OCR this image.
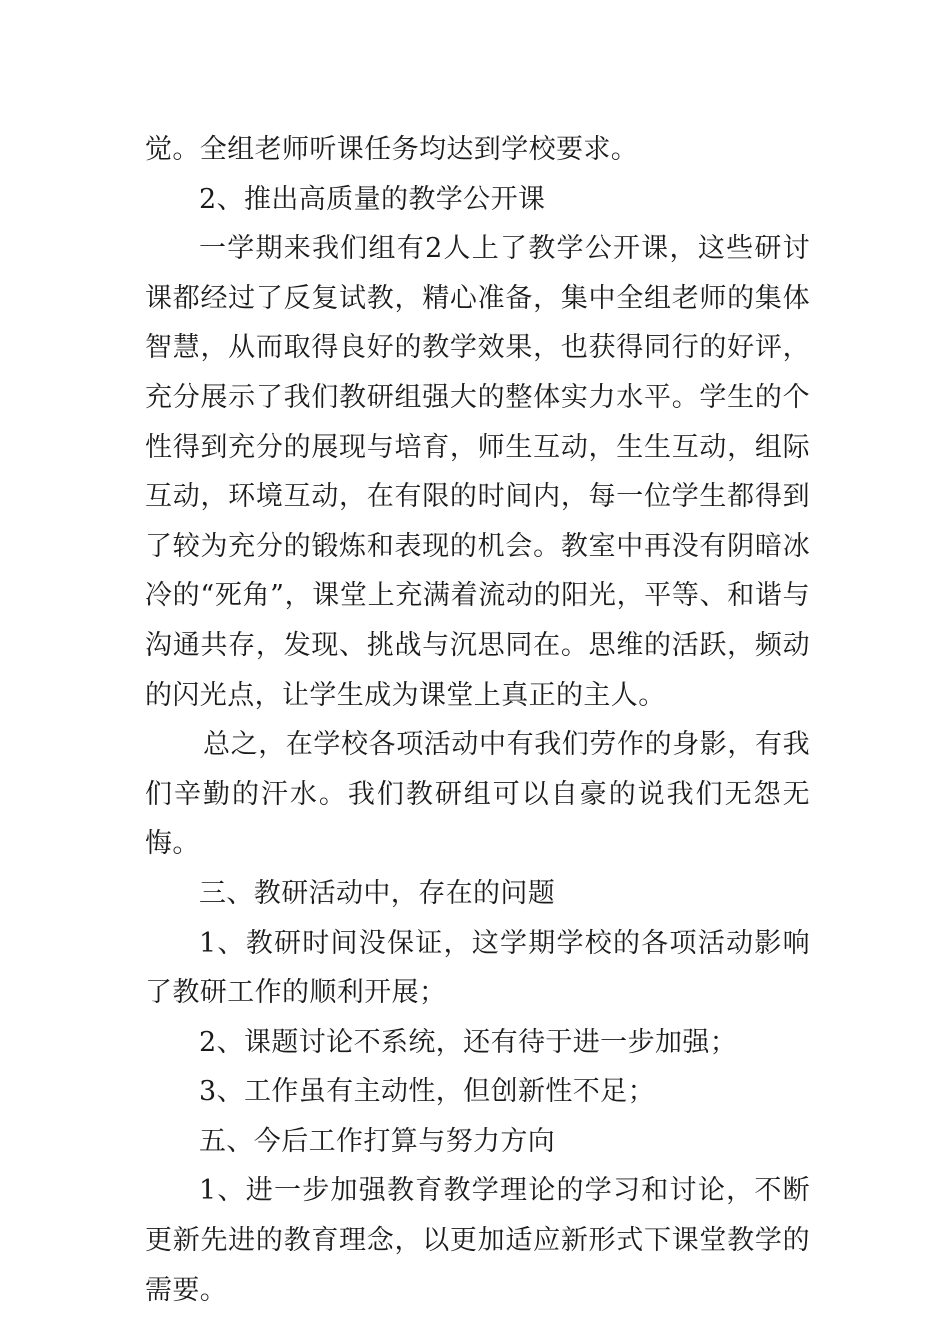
觉。全组老师听课任务均达到学校要求。

2、推出高质量的教学公开课

一学期来我们组有2人上了教学公开课，这些研讨课都经过了反复试教，精心准备，集中全组老师的集体智慧，从而取得良好的教学效果，也获得同行的好评，充分展示了我们教研组强大的整体实力水平。学生的个性得到充分的展现与培育，师生互动，生生互动，组际互动，环境互动，在有限的时间内，每一位学生都得到了较为充分的锻炼和表现的机会。教室中再没有阴暗冰冷的“死角”，课堂上充满着流动的阳光，平等、和谐与沟通共存，发现、挑战与沉思同在。思维的活跃，频动的闪光点，让学生成为课堂上真正的主人。

总之，在学校各项活动中有我们劳作的身影，有我们辛勤的汗水。我们教研组可以自豪的说我们无怨无悔。

三、教研活动中，存在的问题

1、教研时间没保证，这学期学校的各项活动影响了教研工作的顺利开展；

2、课题讨论不系统，还有待于进一步加强；

3、工作虽有主动性，但创新性不足；

五、今后工作打算与努力方向

1、进一步加强教育教学理论的学习和讨论，不断更新先进的教育理念，以更加适应新形式下课堂教学的需要。
